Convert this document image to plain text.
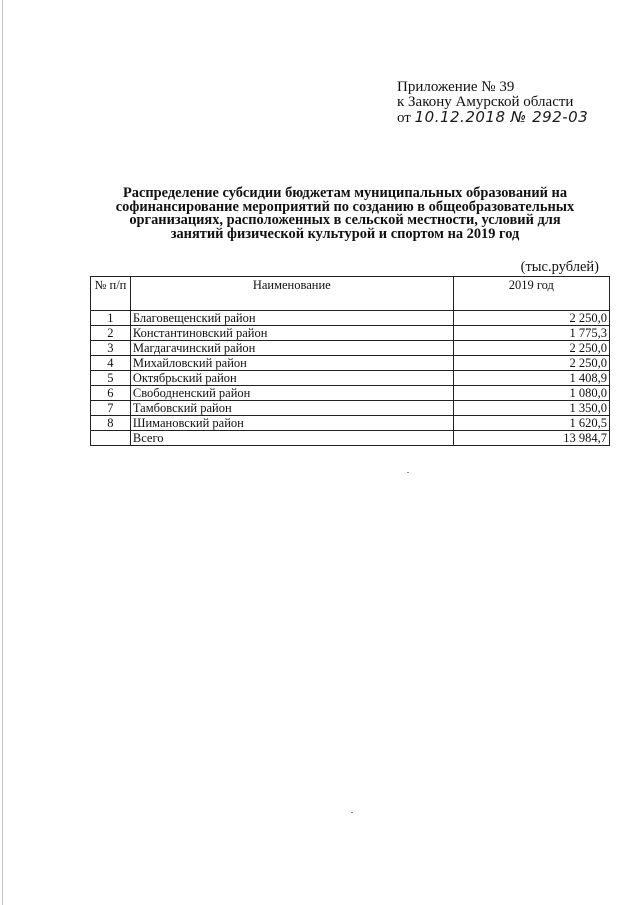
Приложение № 39
к Закону Амурской области
от 10.12.2018 № 292-03
Распределение субсидии бюджетам муниципальных образований на
софинансирование мероприятий по созданию в общеобразовательных
организациях, расположенных в сельской местности, условий для
занятий физической культурой и спортом на 2019 год
(тыс.рублей)
№ п/п	Наименование	2019 год
1	Благовещенский район	2 250,0
2	Константиновский район	1 775,3
3	Магдагачинский район	2 250,0
4	Михайловский район	2 250,0
5	Октябрьский район	1 408,9
6	Свободненский район	1 080,0
7	Тамбовский район	1 350,0
8	Шимановский район	1 620,5
	Всего	13 984,7
